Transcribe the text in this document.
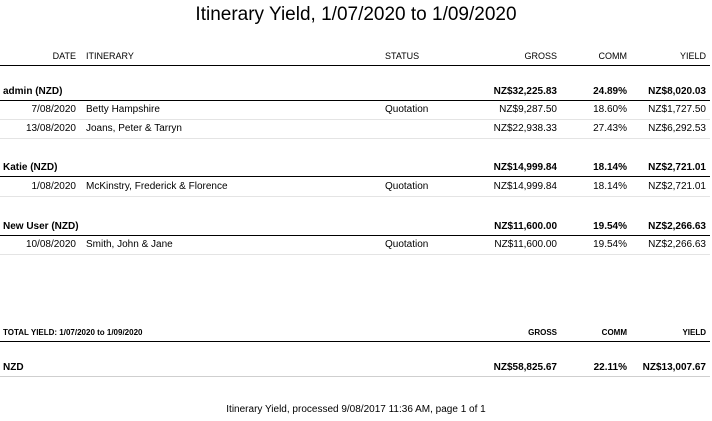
Itinerary Yield, 1/07/2020 to 1/09/2020
DATE ITINERARY	STATUS	GROSS	COMM	YIELD
admin (NZD)	NZ$32,225.83	24.89% NZ$8,020.03
7/08/2020 Betty Hampshire	Quotation	NZ$9,287.50	18.60% NZ$1,727.50
13/08/2020 Joans, Peter & Tarryn	NZ$22,938.33	27.43% NZ$6,292.53
Katie (NZD)	NZ$14,999.84	18.14% NZ$2,721.01
1/08/2020 McKinstry, Frederick & Florence	Quotation	NZ$14,999.84	18.14% NZ$2,721.01
New User (NZD)	NZ$11,600.00	19.54% NZ$2,266.63
10/08/2020 Smith, John & Jane	Quotation	NZ$11,600.00	19.54% NZ$2,266.63
TOTAL YIELD: 1/07/2020 to 1/09/2020	GROSS	COMM	YIELD
NZD	NZ$58,825.67	22.11% NZ$13,007.67
Itinerary Yield, processed 9/08/2017 11:36 AM, page 1 of 1
